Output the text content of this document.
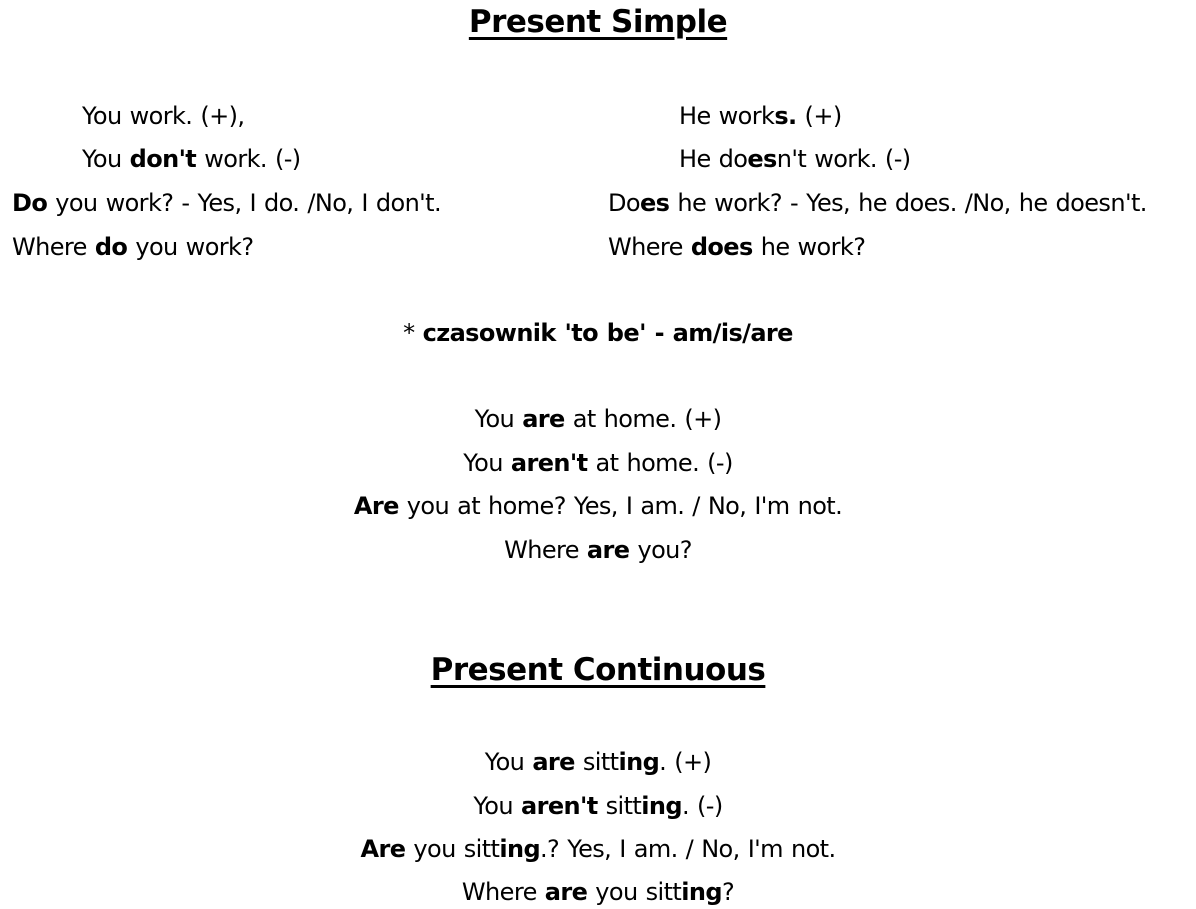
Present Simple
You work. (+),
You don't work. (-)
Do you work? - Yes, I do. /No, I don't.
Where do you work?
He works. (+)
He doesn't work. (-)
Does he work? - Yes, he does. /No, he doesn't.
Where does he work?
* czasownik 'to be' - am/is/are
You are at home. (+)
You aren't at home. (-)
Are you at home? Yes, I am. / No, I'm not.
Where are you?
Present Continuous
You are sitting. (+)
You aren't sitting. (-)
Are you sitting.? Yes, I am. / No, I'm not.
Where are you sitting?
